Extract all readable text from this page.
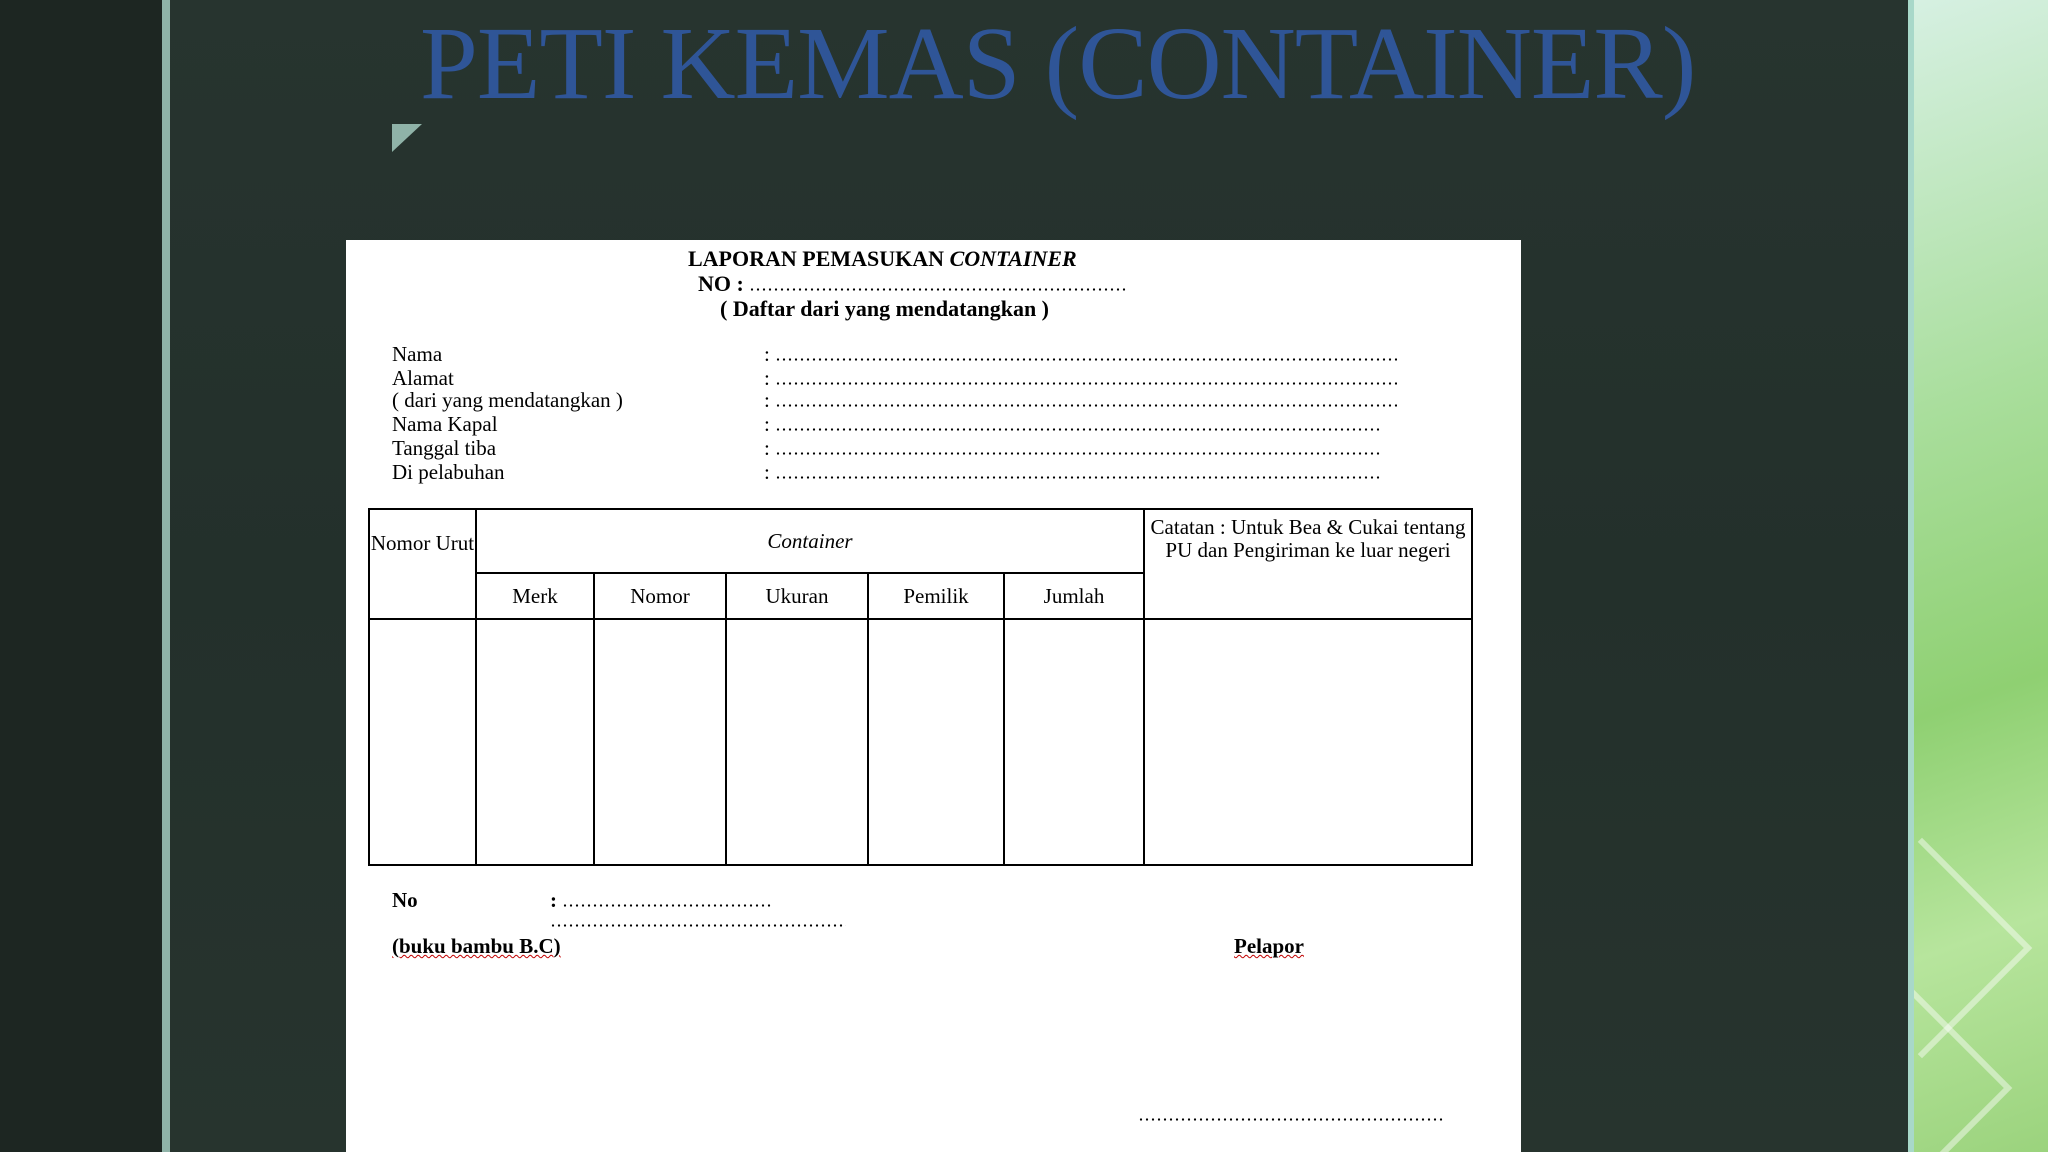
PETI KEMAS (CONTAINER)
LAPORAN PEMASUKAN CONTAINER
NO :
( Daftar dari yang mendatangkan )
Nama	:
Alamat	:
( dari yang mendatangkan )	:
Nama Kapal	:
Tanggal tiba	:
Di pelabuhan	:
Nomor Urut	Container					Catatan : Untuk Bea & Cukai tentang PU dan Pengiriman ke luar negeri
	Merk	Nomor	Ukuran	Pemilik	Jumlah	

No	:
(buku bambu B.C)	Pelapor
